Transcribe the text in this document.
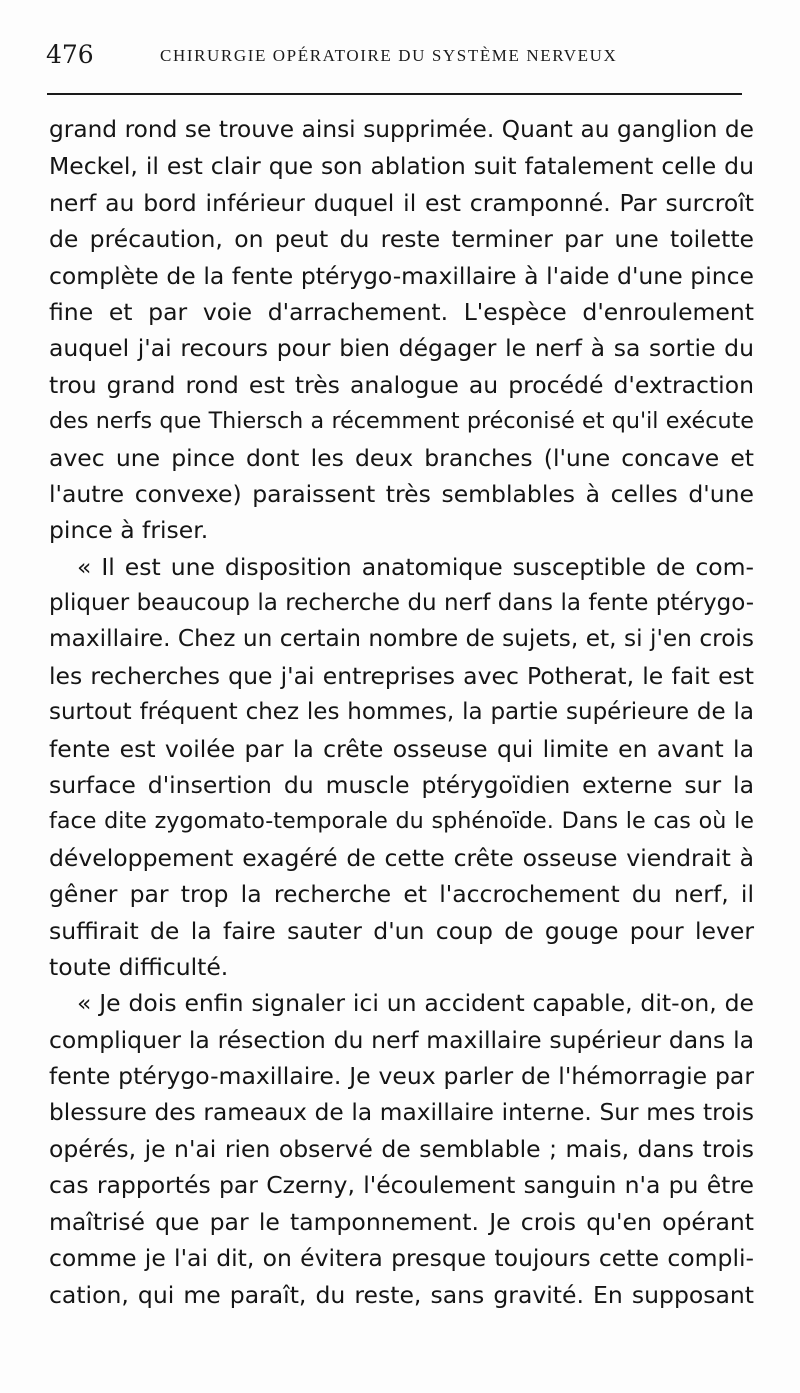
476	CHIRURGIE OPÉRATOIRE DU SYSTÈME NERVEUX
grand rond se trouve ainsi supprimée. Quant au ganglion de
Meckel, il est clair que son ablation suit fatalement celle du
nerf au bord inférieur duquel il est cramponné. Par surcroît
de précaution, on peut du reste terminer par une toilette
complète de la fente ptérygo-maxillaire à l'aide d'une pince
fine et par voie d'arrachement. L'espèce d'enroulement
auquel j'ai recours pour bien dégager le nerf à sa sortie du
trou grand rond est très analogue au procédé d'extraction
des nerfs que Thiersch a récemment préconisé et qu'il exécute
avec une pince dont les deux branches (l'une concave et
l'autre convexe) paraissent très semblables à celles d'une
pince à friser.
« Il est une disposition anatomique susceptible de com-
pliquer beaucoup la recherche du nerf dans la fente ptérygo-
maxillaire. Chez un certain nombre de sujets, et, si j'en crois
les recherches que j'ai entreprises avec Potherat, le fait est
surtout fréquent chez les hommes, la partie supérieure de la
fente est voilée par la crête osseuse qui limite en avant la
surface d'insertion du muscle ptérygoïdien externe sur la
face dite zygomato-temporale du sphénoïde. Dans le cas où le
développement exagéré de cette crête osseuse viendrait à
gêner par trop la recherche et l'accrochement du nerf, il
suffirait de la faire sauter d'un coup de gouge pour lever
toute difficulté.
« Je dois enfin signaler ici un accident capable, dit-on, de
compliquer la résection du nerf maxillaire supérieur dans la
fente ptérygo-maxillaire. Je veux parler de l'hémorragie par
blessure des rameaux de la maxillaire interne. Sur mes trois
opérés, je n'ai rien observé de semblable ; mais, dans trois
cas rapportés par Czerny, l'écoulement sanguin n'a pu être
maîtrisé que par le tamponnement. Je crois qu'en opérant
comme je l'ai dit, on évitera presque toujours cette compli-
cation, qui me paraît, du reste, sans gravité. En supposant
